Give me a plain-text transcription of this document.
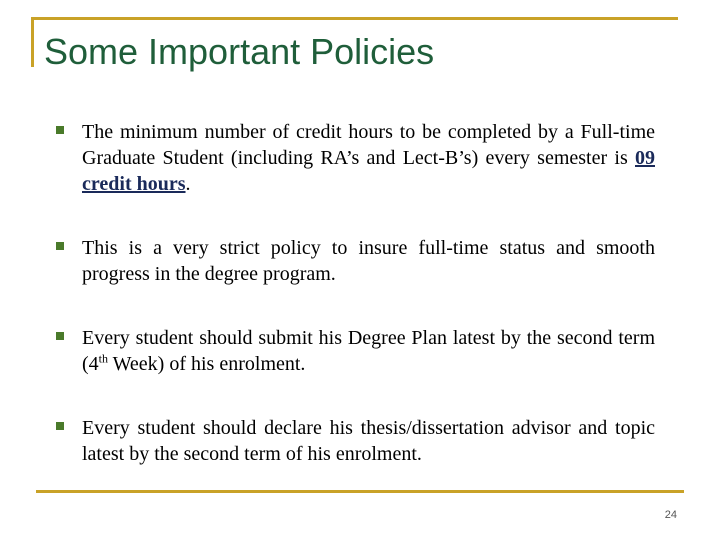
Some Important Policies
The minimum number of credit hours to be completed by a Full-time Graduate Student (including RA’s and Lect-B’s) every semester is 09 credit hours.
This is a very strict policy to insure full-time status and smooth progress in the degree program.
Every student should submit his Degree Plan latest by the second term (4th Week) of his enrolment.
Every student should declare his thesis/dissertation advisor and topic latest by the second term of his enrolment.
24
